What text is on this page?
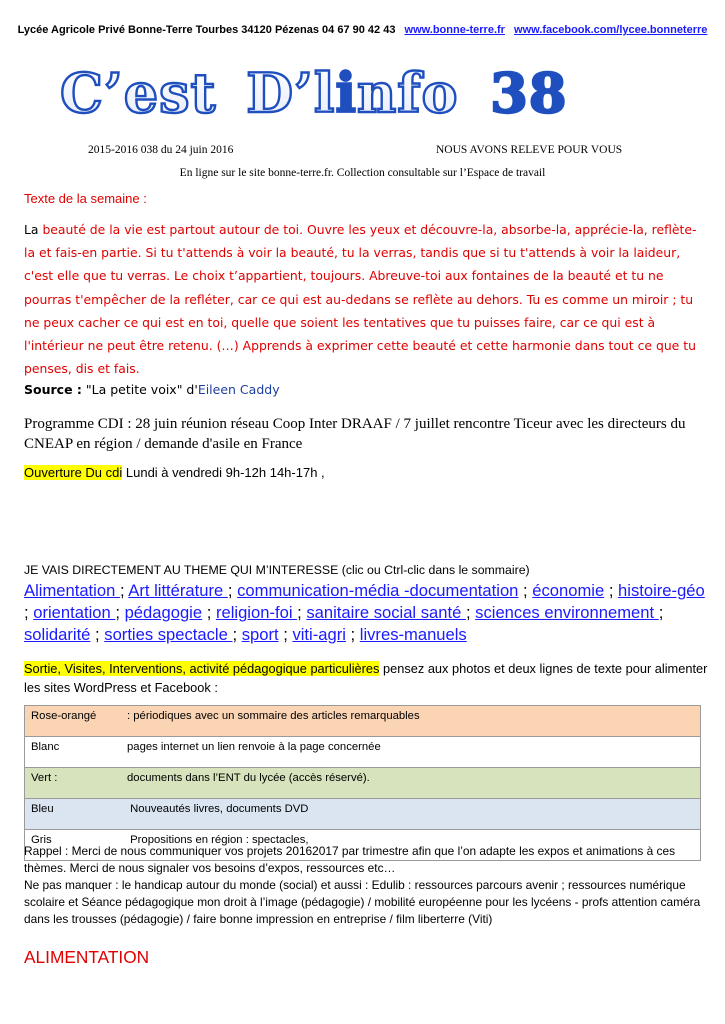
Lycée Agricole Privé Bonne-Terre Tourbes 34120 Pézenas 04 67 90 42 43 www.bonne-terre.fr www.facebook.com/lycee.bonneterre
C’est D’linfo 38
2015-2016 038 du 24 juin 2016	NOUS AVONS RELEVE POUR VOUS
En ligne sur le site bonne-terre.fr. Collection consultable sur l’Espace de travail
Texte de la semaine :
La beauté de la vie est partout autour de toi. Ouvre les yeux et découvre-la, absorbe-la, apprécie-la, reflète-la et fais-en partie. Si tu t'attends à voir la beauté, tu la verras, tandis que si tu t'attends à voir la laideur, c'est elle que tu verras. Le choix t’appartient, toujours. Abreuve-toi aux fontaines de la beauté et tu ne pourras t'empêcher de la refléter, car ce qui est au-dedans se reflète au dehors. Tu es comme un miroir ; tu ne peux cacher ce qui est en toi, quelle que soient les tentatives que tu puisses faire, car ce qui est à l'intérieur ne peut être retenu. (…) Apprends à exprimer cette beauté et cette harmonie dans tout ce que tu penses, dis et fais.
Source : "La petite voix" d'Eileen Caddy
Programme CDI : 28 juin réunion réseau Coop Inter DRAAF / 7 juillet rencontre Ticeur avec les directeurs du CNEAP en région / demande d'asile en France
Ouverture Du cdi Lundi à vendredi 9h-12h 14h-17h ,
JE VAIS DIRECTEMENT AU THEME QUI M’INTERESSE (clic ou Ctrl-clic dans le sommaire)
Alimentation ; Art littérature ; communication-média -documentation ; économie ; histoire-géo ; orientation ; pédagogie ; religion-foi ; sanitaire social santé ; sciences environnement ; solidarité ; sorties spectacle ; sport ; viti-agri ; livres-manuels
Sortie, Visites, Interventions, activité pédagogique particulières pensez aux photos et deux lignes de texte pour alimenter les sites WordPress et Facebook :
Rose-orangé	: périodiques avec un sommaire des articles remarquables
Blanc	pages internet un lien renvoie à la page concernée
Vert :	documents dans l’ENT du lycée (accès réservé).
Bleu	Nouveautés livres, documents DVD
Gris	Propositions en région : spectacles,
Rappel : Merci de nous communiquer vos projets 20162017 par trimestre afin que l’on adapte les expos et animations à ces thèmes. Merci de nous signaler vos besoins d’expos, ressources etc…
Ne pas manquer : le handicap autour du monde (social) et aussi : Edulib : ressources parcours avenir ; ressources numérique scolaire et Séance pédagogique mon droit à l’image (pédagogie) / mobilité européenne pour les lycéens - profs attention caméra dans les trousses (pédagogie) / faire bonne impression en entreprise / film liberterre (Viti)
ALIMENTATION
